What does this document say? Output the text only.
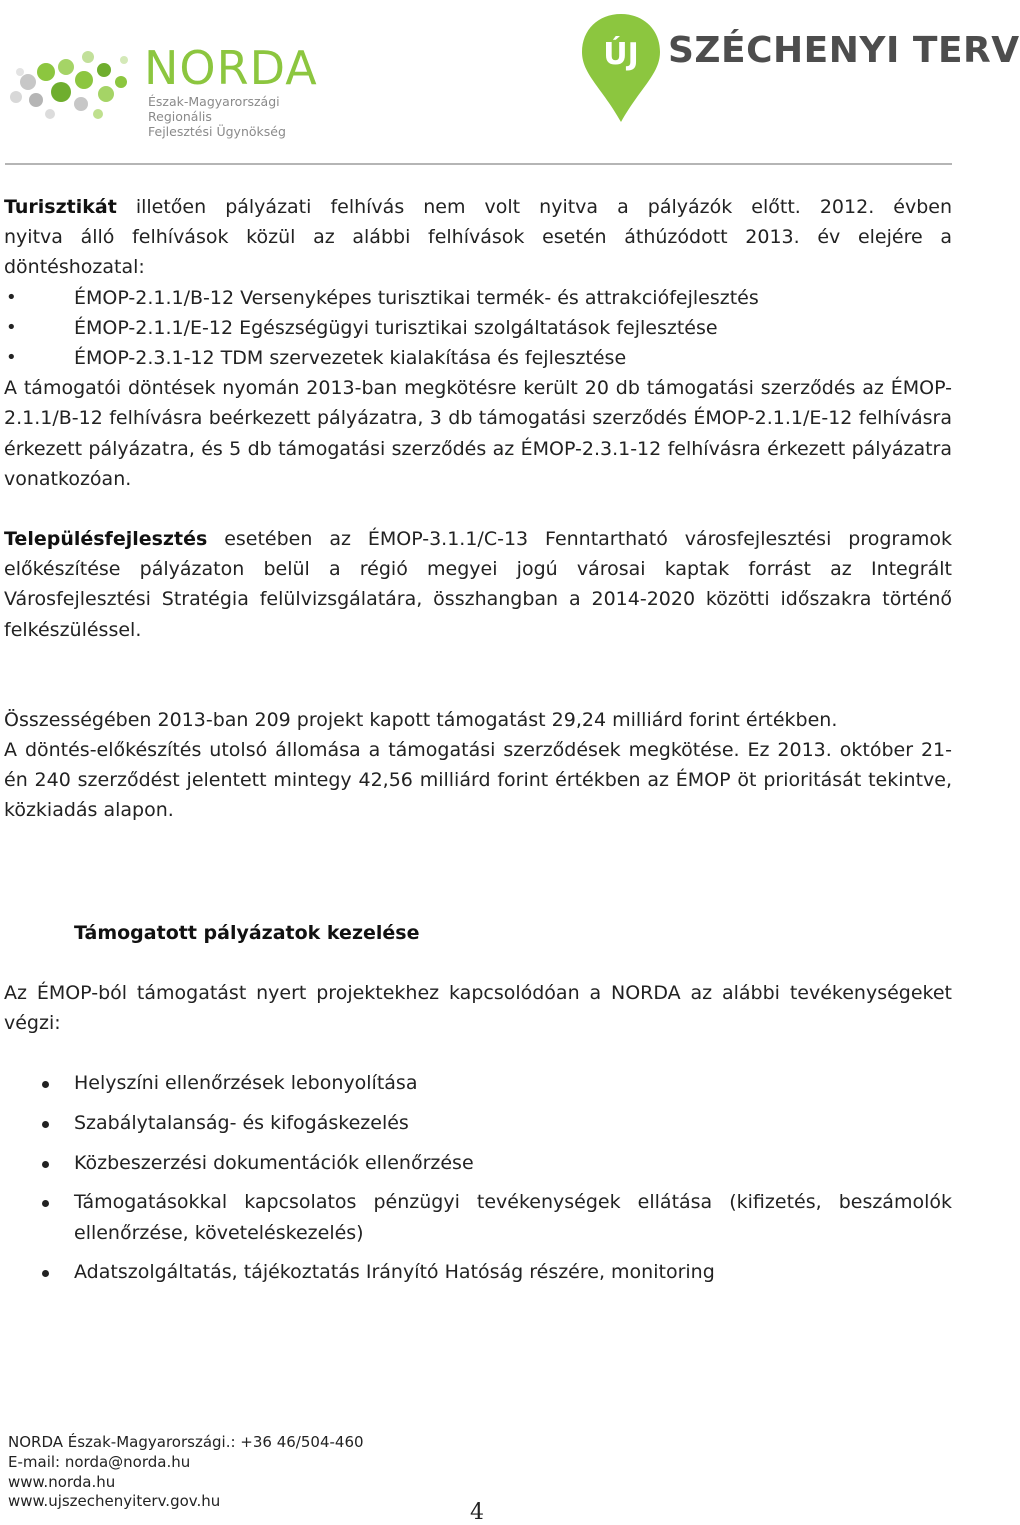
NORDA
Észak-Magyarországi Regionális
Fejlesztési Ügynökség
ÚJ SZÉCHENYI TERV

Turisztikát illetően pályázati felhívás nem volt nyitva a pályázók előtt. 2012. évben

nyitva álló felhívások közül az alábbi felhívások esetén áthúzódott 2013. év elejére a

döntéshozatal:

• ÉMOP-2.1.1/B-12 Versenyképes turisztikai termék- és attrakciófejlesztés
• ÉMOP-2.1.1/E-12 Egészségügyi turisztikai szolgáltatások fejlesztése
• ÉMOP-2.3.1-12 TDM szervezetek kialakítása és fejlesztése

A támogatói döntések nyomán 2013-ban megkötésre került 20 db támogatási szerződés az ÉMOP-2.1.1/B-12 felhívásra beérkezett pályázatra, 3 db támogatási szerződés ÉMOP-2.1.1/E-12 felhívásra érkezett pályázatra, és 5 db támogatási szerződés az ÉMOP-2.3.1-12 felhívásra érkezett pályázatra vonatkozóan.

Településfejlesztés esetében az ÉMOP-3.1.1/C-13 Fenntartható városfejlesztési programok előkészítése pályázaton belül a régió megyei jogú városai kaptak forrást az Integrált Városfejlesztési Stratégia felülvizsgálatára, összhangban a 2014-2020 közötti időszakra történő felkészüléssel.

Összességében 2013-ban 209 projekt kapott támogatást 29,24 milliárd forint értékben.

A döntés-előkészítés utolsó állomása a támogatási szerződések megkötése. Ez 2013. október 21-én 240 szerződést jelentett mintegy 42,56 milliárd forint értékben az ÉMOP öt prioritását tekintve, közkiadás alapon.

Támogatott pályázatok kezelése

Az ÉMOP-ból támogatást nyert projektekhez kapcsolódóan a NORDA az alábbi tevékenységeket végzi:

Helyszíni ellenőrzések lebonyolítása
Szabálytalanság- és kifogáskezelés
Közbeszerzési dokumentációk ellenőrzése
Támogatásokkal kapcsolatos pénzügyi tevékenységek ellátása (kifizetés, beszámolók ellenőrzése, követeléskezelés)
Adatszolgáltatás, tájékoztatás Irányító Hatóság részére, monitoring
NORDA Észak-Magyarországi.: +36 46/504-460
E-mail: norda@norda.hu
www.norda.hu
www.ujszechenyiterv.gov.hu	4
